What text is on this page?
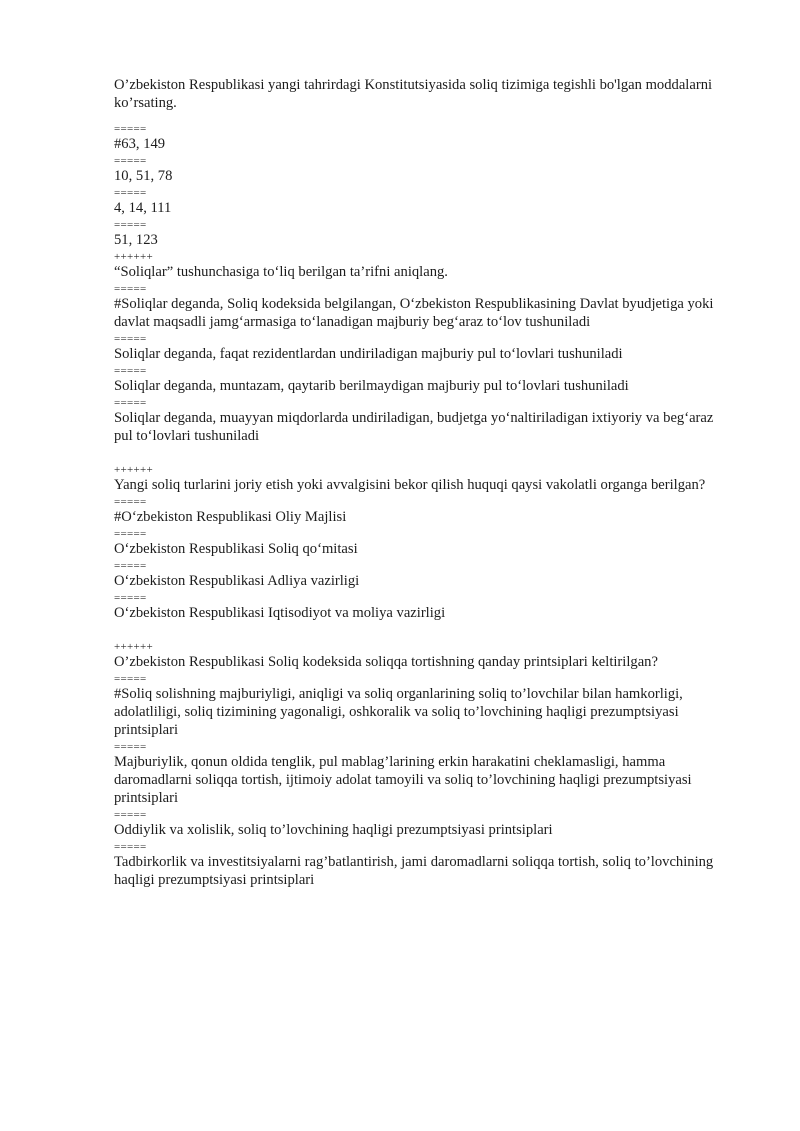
O’zbekiston Respublikasi yangi tahrirdagi Konstitutsiyasida soliq tizimiga tegishli bo'lgan moddalarni ko’rsating.
=====
#63, 149
=====
10, 51, 78
=====
4, 14, 111
=====
51, 123
++++++
“Soliqlar” tushunchasiga to‘liq berilgan ta’rifni aniqlang.
=====
#Soliqlar deganda, Soliq kodeksida belgilangan, O‘zbekiston Respublikasining Davlat byudjetiga yoki davlat maqsadli jamg‘armasiga to‘lanadigan majburiy beg‘araz to‘lov tushuniladi
=====
Soliqlar deganda, faqat rezidentlardan undiriladigan majburiy pul to‘lovlari tushuniladi
=====
Soliqlar deganda, muntazam, qaytarib berilmaydigan majburiy pul to‘lovlari tushuniladi
=====
Soliqlar deganda, muayyan miqdorlarda undiriladigan, budjetga yo‘naltiriladigan ixtiyoriy va beg‘araz pul to‘lovlari tushuniladi
++++++
Yangi soliq turlarini joriy etish yoki avvalgisini bekor qilish huquqi qaysi vakolatli organga berilgan?
=====
#O‘zbekiston Respublikasi Oliy Majlisi
=====
O‘zbekiston Respublikasi Soliq qo‘mitasi
=====
O‘zbekiston Respublikasi Adliya vazirligi
=====
O‘zbekiston Respublikasi Iqtisodiyot va moliya vazirligi
++++++
O’zbekiston Respublikasi Soliq kodeksida soliqqa tortishning qanday printsiplari keltirilgan?
=====
#Soliq solishning majburiyligi, aniqligi va soliq organlarining soliq to’lovchilar bilan hamkorligi, adolatliligi, soliq tizimining yagonaligi, oshkoralik va soliq to’lovchining haqligi prezumptsiyasi printsiplari
=====
Majburiylik, qonun oldida tenglik, pul mablag’larining erkin harakatini cheklamasligi, hamma daromadlarni soliqqa tortish, ijtimoiy adolat tamoyili va soliq to’lovchining haqligi prezumptsiyasi printsiplari
=====
Oddiylik va xolislik, soliq to’lovchining haqligi prezumptsiyasi printsiplari
=====
Tadbirkorlik va investitsiyalarni rag’batlantirish, jami daromadlarni soliqqa tortish, soliq to’lovchining haqligi prezumptsiyasi printsiplari
